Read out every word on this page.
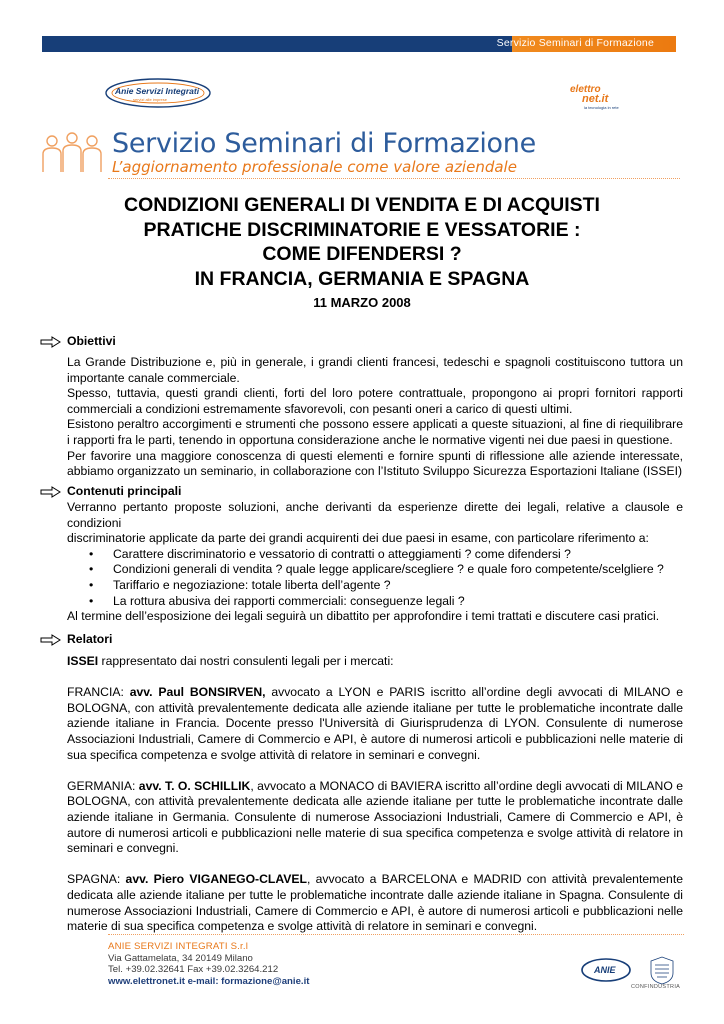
Servizio Seminari di Formazione
Anie Servizi Integrati
servizi alle imprese
elettro
net.it
la tecnologia in rete
Servizio Seminari di Formazione
L’aggiornamento professionale come valore aziendale
CONDIZIONI GENERALI DI VENDITA E DI ACQUISTI
PRATICHE DISCRIMINATORIE E VESSATORIE :
COME DIFENDERSI ?
IN FRANCIA, GERMANIA E SPAGNA
11 MARZO 2008
Obiettivi

La Grande Distribuzione e, più in generale, i grandi clienti francesi, tedeschi e spagnoli costituiscono tuttora un importante canale commerciale.

Spesso, tuttavia, questi grandi clienti, forti del loro potere contrattuale, propongono ai propri fornitori rapporti commerciali a condizioni estremamente sfavorevoli, con pesanti oneri a carico di questi ultimi.

Esistono peraltro accorgimenti e strumenti che possono essere applicati a queste situazioni, al fine di riequilibrare i rapporti fra le parti, tenendo in opportuna considerazione anche le normative vigenti nei due paesi in questione.

Per favorire una maggiore conoscenza di questi elementi e fornire spunti di riflessione alle aziende interessate, abbiamo organizzato un seminario, in collaborazione con l’Istituto Sviluppo Sicurezza Esportazioni Italiane (ISSEI)

Contenuti principali

Verranno pertanto proposte soluzioni, anche derivanti da esperienze dirette dei legali, relative a clausole e condizioni

discriminatorie applicate da parte dei grandi acquirenti dei due paesi in esame, con particolare riferimento a:

• Carattere discriminatorio e vessatorio di contratti o atteggiamenti ? come difendersi ?
• Condizioni generali di vendita ? quale legge applicare/scegliere ? e quale foro competente/scelgliere ?
• Tariffario e negoziazione: totale liberta dell’agente ?
• La rottura abusiva dei rapporti commerciali: conseguenze legali ?

Al termine dell’esposizione dei legali seguirà un dibattito per approfondire i temi trattati e discutere casi pratici.

Relatori

ISSEI rappresentato dai nostri consulenti legali per i mercati:

FRANCIA: avv. Paul BONSIRVEN, avvocato a LYON e PARIS iscritto all’ordine degli avvocati di MILANO e BOLOGNA, con attività prevalentemente dedicata alle aziende italiane per tutte le problematiche incontrate dalle aziende italiane in Francia. Docente presso l'Università di Giurisprudenza di LYON. Consulente di numerose Associazioni Industriali, Camere di Commercio e API, è autore di numerosi articoli e pubblicazioni nelle materie di sua specifica competenza e svolge attività di relatore in seminari e convegni.

GERMANIA: avv. T. O. SCHILLIK, avvocato a MONACO di BAVIERA iscritto all’ordine degli avvocati di MILANO e BOLOGNA, con attività prevalentemente dedicata alle aziende italiane per tutte le problematiche incontrate dalle aziende italiane in Germania. Consulente di numerose Associazioni Industriali, Camere di Commercio e API, è autore di numerosi articoli e pubblicazioni nelle materie di sua specifica competenza e svolge attività di relatore in seminari e convegni.

SPAGNA: avv. Piero VIGANEGO-CLAVEL, avvocato a BARCELONA e MADRID con attività prevalentemente dedicata alle aziende italiane per tutte le problematiche incontrate dalle aziende italiane in Spagna. Consulente di numerose Associazioni Industriali, Camere di Commercio e API, è autore di numerosi articoli e pubblicazioni nelle materie di sua specifica competenza e svolge attività di relatore in seminari e convegni.

ANIE SERVIZI INTEGRATI S.r.l
Via Gattamelata, 34 20149 Milano
Tel. +39.02.32641 Fax +39.02.3264.212
www.elettronet.it e-mail: formazione@anie.it
ANIE
CONFINDUSTRIA
